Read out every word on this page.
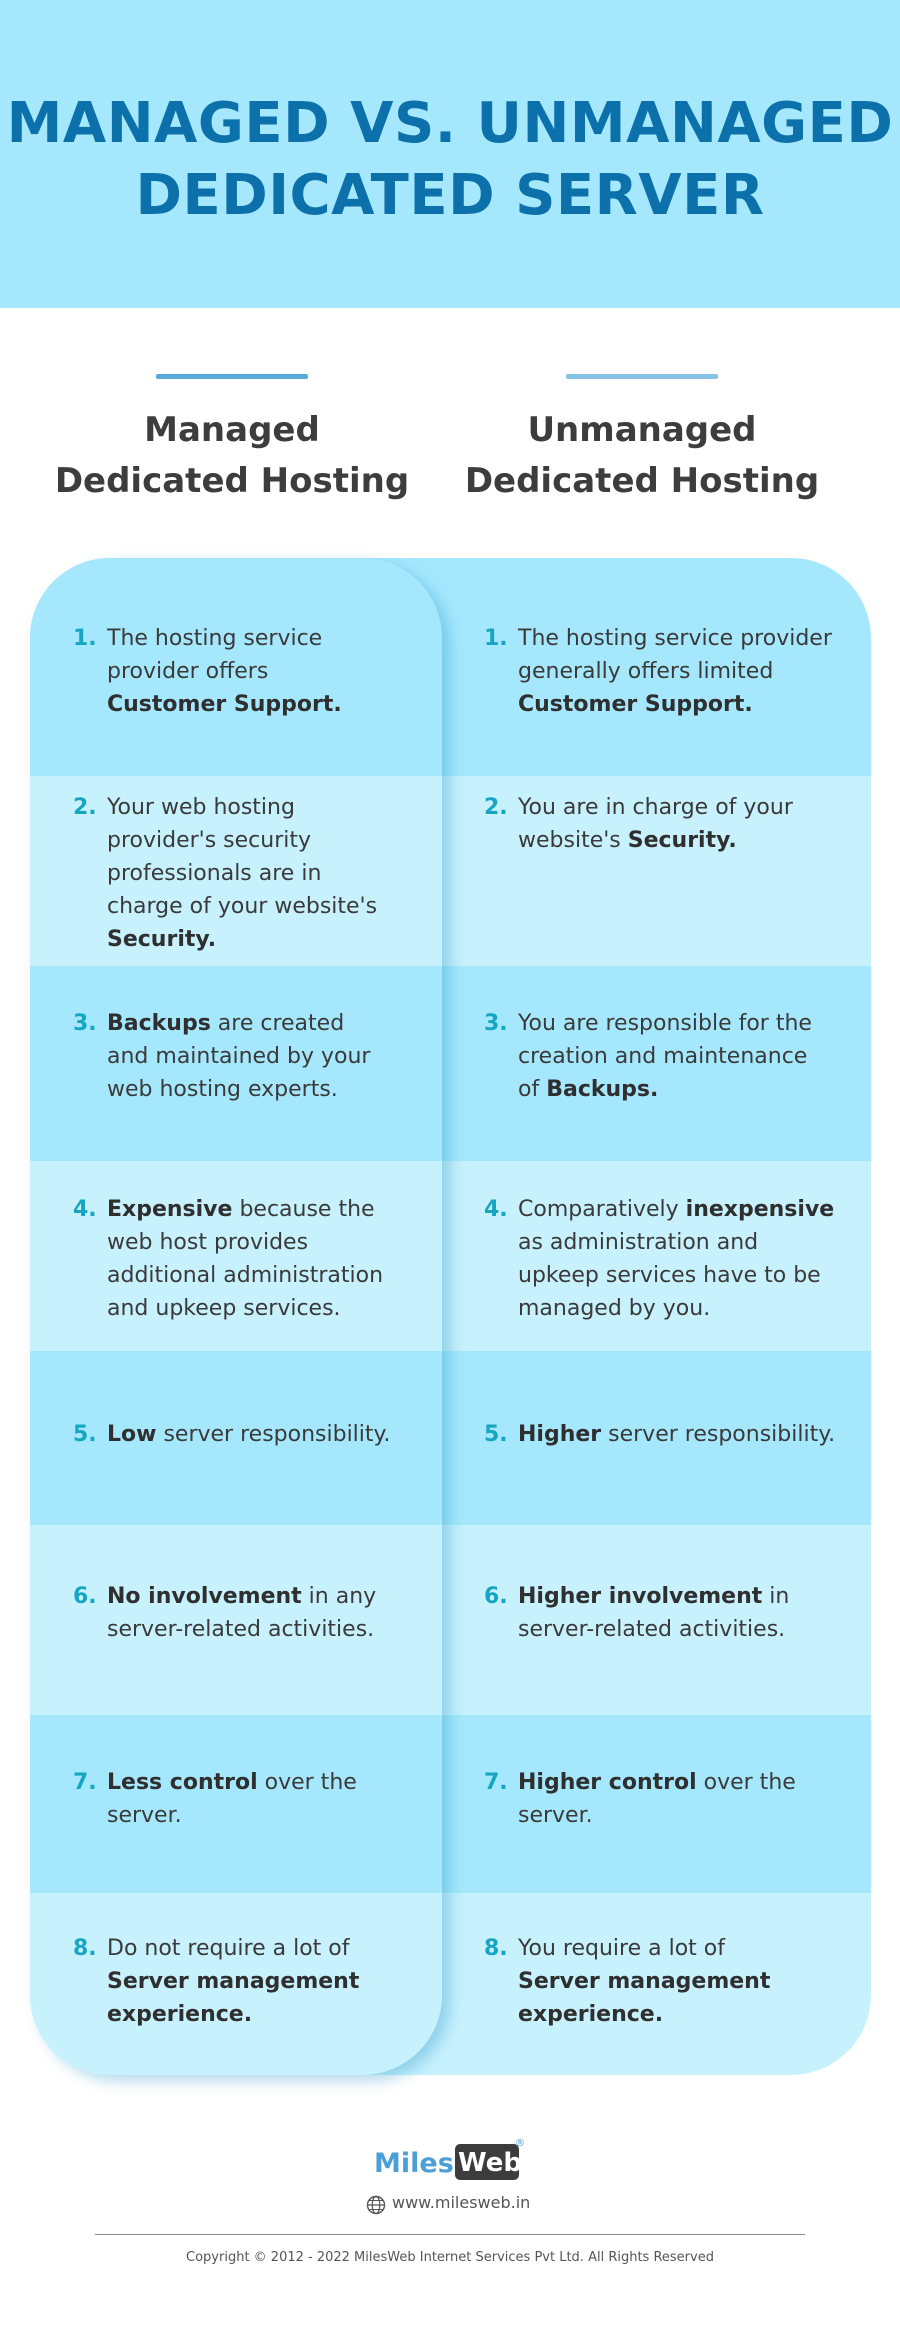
MANAGED VS. UNMANAGED
DEDICATED SERVER
Managed
Dedicated Hosting
Unmanaged
Dedicated Hosting
1. The hosting service provider offers Customer Support.
2. Your web hosting provider's security professionals are in charge of your website's Security.
3. Backups are created and maintained by your web hosting experts.
4. Expensive because the web host provides additional administration and upkeep services.
5. Low server responsibility.
6. No involvement in any server-related activities.
7. Less control over the server.
8. Do not require a lot of Server management experience.
1. The hosting service provider generally offers limited Customer Support.
2. You are in charge of your website's Security.
3. You are responsible for the creation and maintenance of Backups.
4. Comparatively inexpensive as administration and upkeep services have to be managed by you.
5. Higher server responsibility.
6. Higher involvement in server-related activities.
7. Higher control over the server.
8. You require a lot of Server management experience.
Miles Web
®
www.milesweb.in
Copyright © 2012 - 2022 MilesWeb Internet Services Pvt Ltd. All Rights Reserved
